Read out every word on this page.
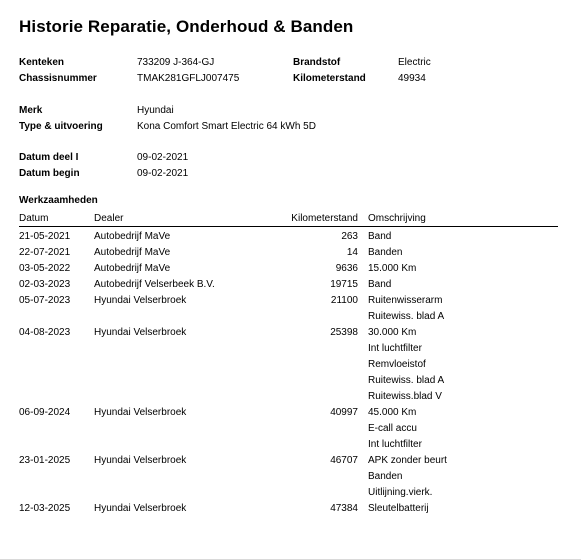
Historie Reparatie, Onderhoud & Banden
Kenteken	733209 J-364-GJ	Brandstof	Electric
Chassisnummer	TMAK281GFLJ007475	Kilometerstand	49934
Merk	Hyundai
Type & uitvoering	Kona Comfort Smart Electric 64 kWh 5D
Datum deel I	09-02-2021
Datum begin	09-02-2021
Werkzaamheden
Datum	Dealer	Kilometerstand Omschrijving
21-05-2021 Autobedrijf MaVe	263 Band
22-07-2021 Autobedrijf MaVe	14 Banden
03-05-2022 Autobedrijf MaVe	9636 15.000 Km
02-03-2023 Autobedrijf Velserbeek B.V.	19715 Band
05-07-2023 Hyundai Velserbroek	21100 Ruitenwisserarm
Ruitewiss. blad A
04-08-2023 Hyundai Velserbroek	25398 30.000 Km
Int luchtfilter
Remvloeistof
Ruitewiss. blad A
Ruitewiss.blad V
06-09-2024 Hyundai Velserbroek	40997 45.000 Km
E-call accu
Int luchtfilter
23-01-2025 Hyundai Velserbroek	46707 APK zonder beurt
Banden
Uitlijning.vierk.
12-03-2025 Hyundai Velserbroek	47384 Sleutelbatterij
